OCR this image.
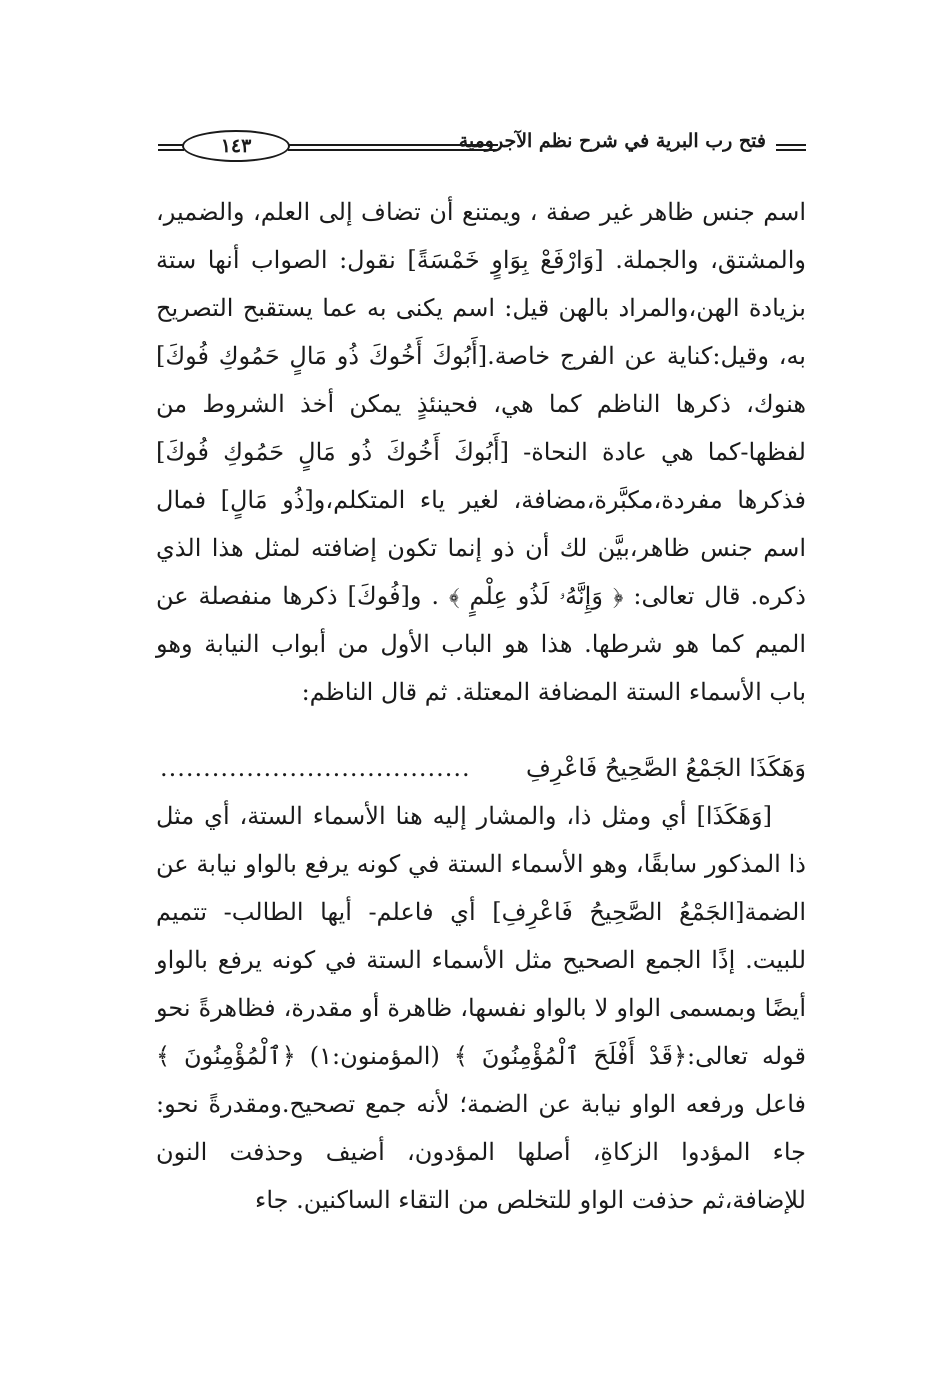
فتح رب البرية في شرح نظم الآجرومية
١٤٣

اسم جنس ظاهر غير صفة ، ويمتنع أن تضاف إلى العلم، والضمير، والمشتق، والجملة. [وَارْفَعْ بِوَاوٍ خَمْسَةً] نقول: الصواب أنها ستة بزيادة الهن،والمراد بالهن قيل: اسم يكنى به عما يستقبح التصريح به، وقيل:كناية عن الفرج خاصة.[أَبُوكَ أَخُوكَ ذُو مَالٍ حَمُوكِ فُوكَ] هنوك، ذكرها الناظم كما هي، فحينئذٍ يمكن أخذ الشروط من لفظها-كما هي عادة النحاة- [أَبُوكَ أَخُوكَ ذُو مَالٍ حَمُوكِ فُوكَ] فذكرها مفردة،مكبَّرة،مضافة، لغير ياء المتكلم،و[ذُو مَالٍ] فمال اسم جنس ظاهر،بيَّن لك أن ذو إنما تكون إضافته لمثل هذا الذي ذكره. قال تعالى: ﴿ وَإِنَّهُۥ لَذُو عِلْمٍ ﴾ . و[فُوكَ] ذكرها منفصلة عن الميم كما هو شرطها. هذا هو الباب الأول من أبواب النيابة وهو باب الأسماء الستة المضافة المعتلة. ثم قال الناظم:

وَهَكَذَا الجَمْعُ الصَّحِيحُ فَاعْرِفِ
....................................

[وَهَكَذَا] أي ومثل ذا، والمشار إليه هنا الأسماء الستة، أي مثل ذا المذكور سابقًا، وهو الأسماء الستة في كونه يرفع بالواو نيابة عن الضمة[الجَمْعُ الصَّحِيحُ فَاعْرِفِ] أي فاعلم- أيها الطالب- تتميم للبيت. إذًا الجمع الصحيح مثل الأسماء الستة في كونه يرفع بالواو أيضًا وبمسمى الواو لا بالواو نفسها، ظاهرة أو مقدرة، فظاهرةً نحو قوله تعالى:﴿قَدْ أَفْلَحَ ٱلْمُؤْمِنُونَ ﴾ (المؤمنون:١) ﴿ٱلْمُؤْمِنُونَ ﴾ فاعل ورفعه الواو نيابة عن الضمة؛ لأنه جمع تصحيح.ومقدرةً نحو: جاء المؤدوا الزكاةِ، أصلها المؤدون، أضيف وحذفت النون للإضافة،ثم حذفت الواو للتخلص من التقاء الساكنين. جاء
